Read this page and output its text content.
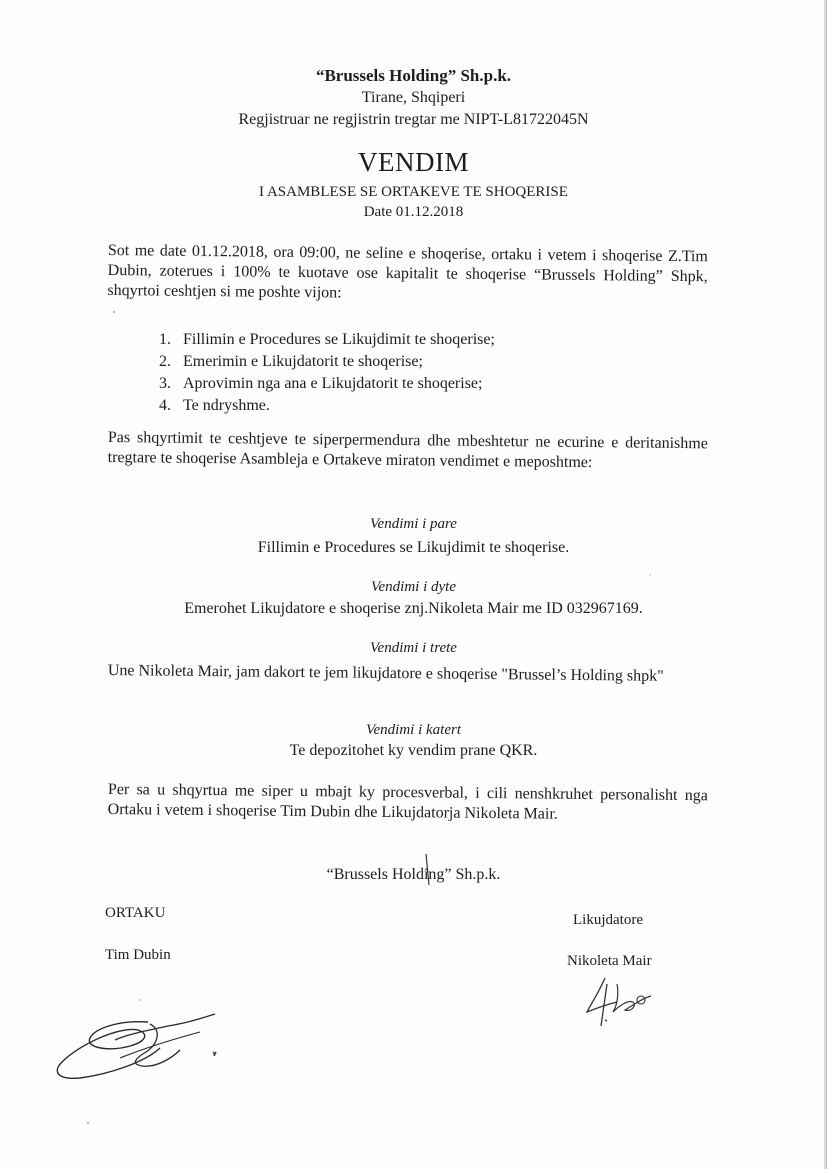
“Brussels Holding” Sh.p.k.
Tirane, Shqiperi
Regjistruar ne regjistrin tregtar me NIPT-L81722045N
VENDIM
I ASAMBLESE SE ORTAKEVE TE SHOQERISE
Date 01.12.2018
Sot me date 01.12.2018, ora 09:00, ne seline e shoqerise, ortaku i vetem i shoqerise Z.Tim Dubin, zoterues i 100% te kuotave ose kapitalit te shoqerise “Brussels Holding” Shpk, shqyrtoi ceshtjen si me poshte vijon:
1. Fillimin e Procedures se Likujdimit te shoqerise;
2. Emerimin e Likujdatorit te shoqerise;
3. Aprovimin nga ana e Likujdatorit te shoqerise;
4. Te ndryshme.
Pas shqyrtimit te ceshtjeve te siperpermendura dhe mbeshtetur ne ecurine e deritanishme tregtare te shoqerise Asambleja e Ortakeve miraton vendimet e meposhtme:
Vendimi i pare
Fillimin e Procedures se Likujdimit te shoqerise.
Vendimi i dyte
Emerohet Likujdatore e shoqerise znj.Nikoleta Mair me ID 032967169.
Vendimi i trete
Une Nikoleta Mair, jam dakort te jem likujdatore e shoqerise "Brussel’s Holding shpk"
Vendimi i katert
Te depozitohet ky vendim prane QKR.
Per sa u shqyrtua me siper u mbajt ky procesverbal, i cili nenshkruhet personalisht nga Ortaku i vetem i shoqerise Tim Dubin dhe Likujdatorja Nikoleta Mair.
“Brussels Holding” Sh.p.k.
ORTAKU
Tim Dubin
Likujdatore
Nikoleta Mair
